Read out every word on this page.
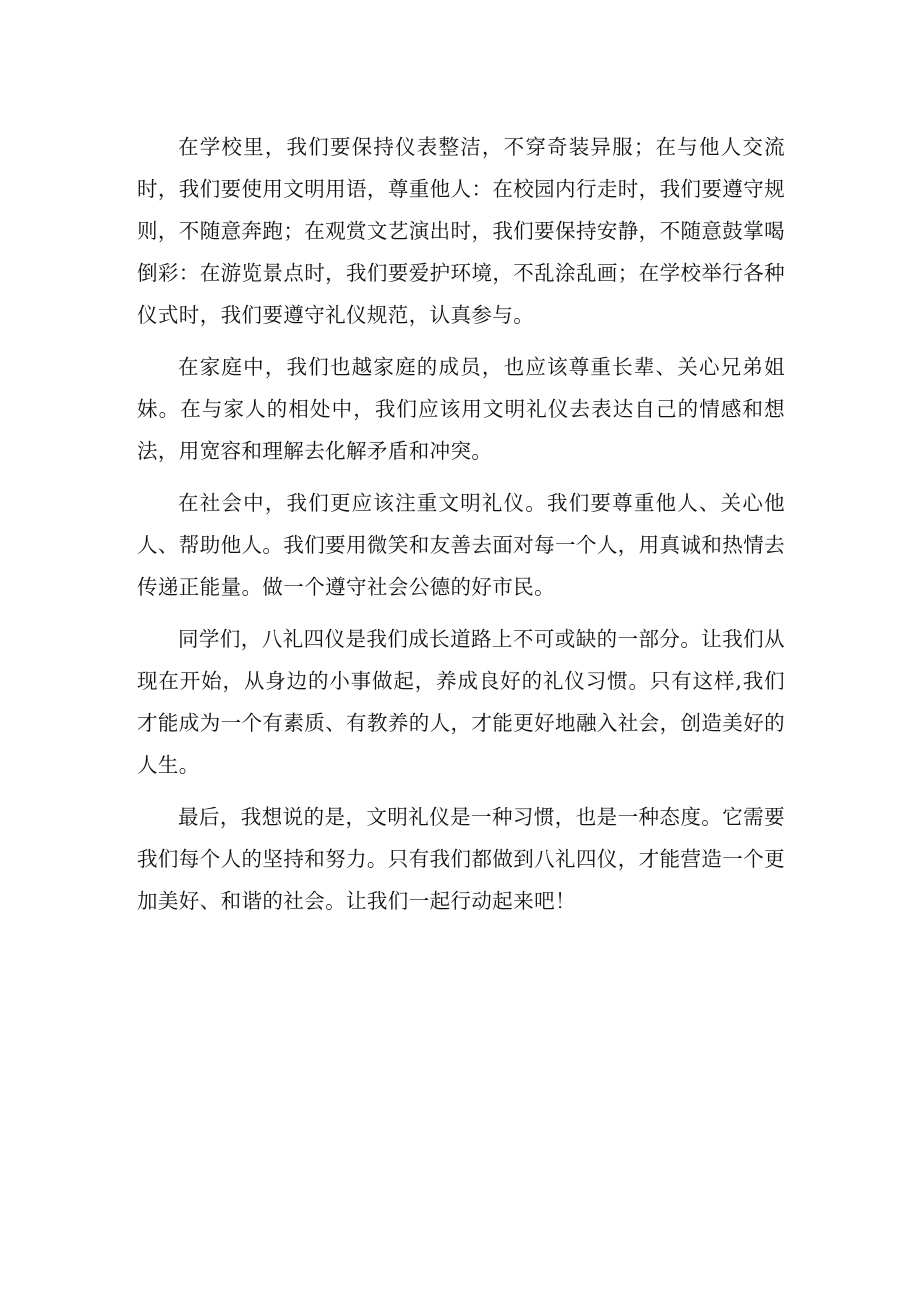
在学校里，我们要保持仪表整洁，不穿奇装异服；在与他人交流时，我们要使用文明用语，尊重他人：在校园内行走时，我们要遵守规则，不随意奔跑；在观赏文艺演出时，我们要保持安静，不随意鼓掌喝倒彩：在游览景点时，我们要爱护环境，不乱涂乱画；在学校举行各种仪式时，我们要遵守礼仪规范，认真参与。

在家庭中，我们也越家庭的成员，也应该尊重长辈、关心兄弟姐妹。在与家人的相处中，我们应该用文明礼仪去表达自己的情感和想法，用宽容和理解去化解矛盾和冲突。

在社会中，我们更应该注重文明礼仪。我们要尊重他人、关心他人、帮助他人。我们要用微笑和友善去面对每一个人，用真诚和热情去传递正能量。做一个遵守社会公德的好市民。

同学们，八礼四仪是我们成长道路上不可或缺的一部分。让我们从现在开始，从身边的小事做起，养成良好的礼仪习惯。只有这样,我们才能成为一个有素质、有教养的人，才能更好地融入社会，创造美好的人生。

最后，我想说的是，文明礼仪是一种习惯，也是一种态度。它需要我们每个人的坚持和努力。只有我们都做到八礼四仪，才能营造一个更加美好、和谐的社会。让我们一起行动起来吧！
